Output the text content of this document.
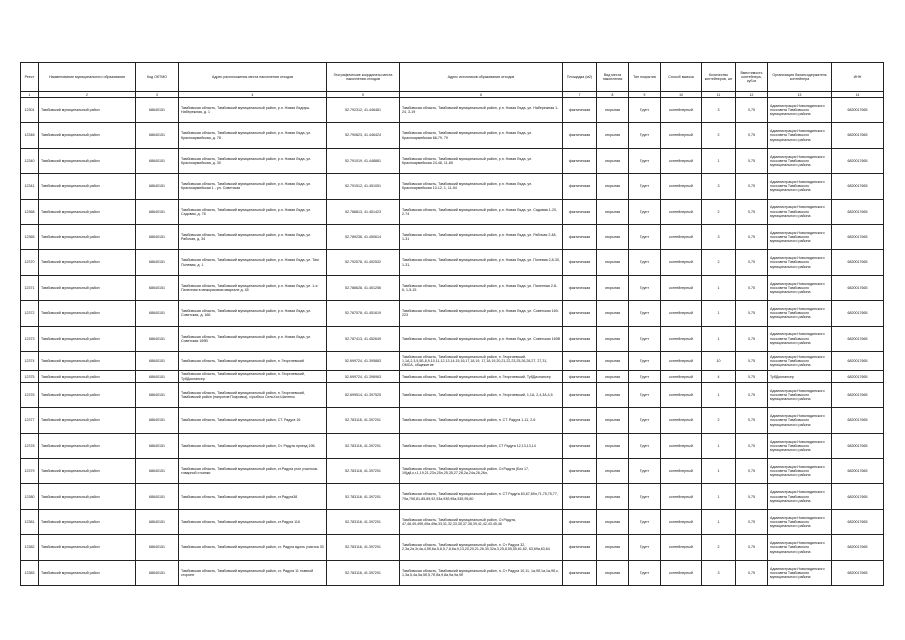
Реест	Наименование муниципального образования	Код ОКТМО	Адрес расположения места накопления отходов	Географические координаты места накопления отходов	Адрес источников образования отходов	Площадка (м2)	Вид места накопления	Тип покрытия	Способ вывоза	Количество контейнеров, шт	Вместимость контейнера, куб.м	Организация балансодержатель контейнера	ИНН
1	2	3	4	5	6	7	8	9	10	11	12	13	14
12301	Тамбовский муниципальный район	68640151	Тамбовская область, Тамбовский муниципальный район, р.п. Новая Лядоуш. Набережная, д. 1	52.792312, 41.446461	Тамбовская область, Тамбовский муниципальный район, р.п. Новая Ляда, ул. Набережная 1-24, 3-19	фактическая	открытая	Грунт	контейнерный	3	0,75	Администрация Новолядинского поссовета Тамбовского муниципального района	6820017665
12348	Тамбовский муниципальный район	68640151	Тамбовская область, Тамбовский муниципальный район, р.п. Новая Ляда, ул. Красноармейская, д. 78	52.790823, 41.446424	Тамбовская область, Тамбовский муниципальный район, р.п. Новая Ляда, ул. Красноармейская 66-79, 79	фактическая	открытая	Грунт	контейнерный	2	0,75	Администрация Новолядинского поссовета Тамбовского муниципального района	6820017665
12340	Тамбовский муниципальный район	68640151	Тамбовская область, Тамбовский муниципальный район, р.п. Новая Ляда, ул. Красноармейская, д. 30	52.791019, 41.448881	Тамбовская область, Тамбовский муниципальный район, р.п. Новая Ляда, ул. Красноармейская 24-48, 11-65	фактическая	открытая	Грунт	контейнерный	1	0,75	Администрация Новолядинского поссовета Тамбовского муниципального района	6820017665
12341	Тамбовский муниципальный район	68640151	Тамбовская область, Тамбовский муниципальный район, р.п. Новая Ляда, ул. Красноармейская 1 - ул. Советская	52.791512, 41.451051	Тамбовская область, Тамбовский муниципальный район, р.п. Новая Ляда, ул. Красноармейская 10-12, 1, 11-54	фактическая	открытая	Грунт	контейнерный	3	0,75	Администрация Новолядинского поссовета Тамбовского муниципального района	6820017665
12368	Тамбовский муниципальный район	68640151	Тамбовская область, Тамбовский муниципальный район, р.п. Новая Ляда, ул. Садовая, д. 78	52.788813, 41.451423	Тамбовская область, Тамбовский муниципальный район, р.п. Новая Ляда, ул. Садовая 1-20, 2-74	фактическая	открытая	Грунт	контейнерный	2	0,75	Администрация Новолядинского поссовета Тамбовского муниципального района	6820017665
12365	Тамбовский муниципальный район	68640151	Тамбовская область, Тамбовский муниципальный район, р.п. Новая Ляда, ул. Рабочая, д. 34	52.789236, 41.450614	Тамбовская область, Тамбовский муниципальный район, р.п. Новая Ляда, ул. Рабочая 2-48, 1-31	фактическая	открытая	Грунт	контейнерный	3	0,75	Администрация Новолядинского поссовета Тамбовского муниципального района	6820017665
12370	Тамбовский муниципальный район	68640151	Тамбовская область, Тамбовский муниципальный район, р.п. Новая Ляда, ул. Тим Полевая, д. 1	52.792578, 41.452532	Тамбовская область, Тамбовский муниципальный район, р.п. Новая Ляда, ул. Полевая 2,8-30, 1-31,	фактическая	открытая	Грунт	контейнерный	2	0,75	Администрация Новолядинского поссовета Тамбовского муниципального района	6820017665
12371	Тамбовский муниципальный район	68640151	Тамбовская область, Тамбовский муниципальный район, р.п. Новая Ляда, ул. 1-я Паленная в межкусковом квартале д. 45	52.786628, 41.451256	Тамбовская область, Тамбовский муниципальный район, р.п. Новая Ляда, ул. Паленная 2-8-6, 1-5-15	фактическая	открытая	Грунт	контейнерный	1	0,75	Администрация Новолядинского поссовета Тамбовского муниципального района	6820017665
12372	Тамбовский муниципальный район	68640151	Тамбовская область, Тамбовский муниципальный район, р.п. Новая Ляда, ул. Советская, д. 166	52.787578, 41.451619	Тамбовская область, Тамбовский муниципальный район, р.п. Новая Ляда, ул. Советская 169-223	фактическая	открытая	Грунт	контейнерный	1	0,75	Администрация Новолядинского поссовета Тамбовского муниципального района	6820017665
12373	Тамбовский муниципальный район	68640151	Тамбовская область, Тамбовский муниципальный район, р.п. Новая Ляда, ул. Советская 169В	52.787413, 41.452649	Тамбовская область, Тамбовский муниципальный район, р.п. Новая Ляда, ул. Советская 169В	фактическая	открытая	Грунт	контейнерный	1	0,75	Администрация Новолядинского поссовета Тамбовского муниципального района	6820017665
12374	Тамбовский муниципальный район	68640151	Тамбовская область, Тамбовский муниципальный район, п. Георгиевский	52.699724, 41.395883	Тамбовская область, Тамбовский муниципальный район, п. Георгиевский, 1,1А,2,3,5,5Б,8,9,10,11,12,13,14,15,16,17,18,19, 17,18,19,20,21,22,23,25,26,28,27, 27,31, ОМСА, общежитие	фактическая	открытая	Грунт	контейнерный	10	0,75	Администрация Новолядинского поссовета Тамбовского муниципального района	6820017665
12375	Тамбовский муниципальный район	68640151	Тамбовская область, Тамбовский муниципальный район, п. Георгиевский, ТубДиспансер	52.699724, 41.396963	Тамбовская область, Тамбовский муниципальный район, п. Георгиевский, ТубДиспансер	фактическая	открытая	Грунт	контейнерный	4	0,75	ТубДиспансер	6820017665
12376	Тамбовский муниципальный район	68640151	Тамбовская область, Тамбовский муниципальный район, п. Георгиевский, Тамбовский район (напротив Покровка), с/рыбхоз СельХоз Шантеко	52.699514, 41.397525	Тамбовская область, Тамбовский муниципальный район, п. Георгиевский, 1,1А, 2,4,3А,4,5	фактическая	открытая	Грунт	контейнерный	1	0,75	Администрация Новолядинского поссовета Тамбовского муниципального района	6820017665
12377	Тамбовский муниципальный район	68640151	Тамбовская область, Тамбовский муниципальный район, СТ. Радуга 16	52.783116, 41.397201	Тамбовская область, Тамбовский муниципальный район, п. СТ. Радуга 1-11, 2-6	фактическая	открытая	Грунт	контейнерный	2	0,75	Администрация Новолядинского поссовета Тамбовского муниципального района	6820017665
12378	Тамбовский муниципальный район	68640151	Тамбовская область, Тамбовский муниципальный район, Ст. Радуга проезд 19Б	52.783116, 41.397201	Тамбовская область, Тамбовский муниципальный район, СТ Радуга 12,13,13,14	фактическая	открытая	Грунт	контейнерный	1	0,75	Администрация Новолядинского поссовета Тамбовского муниципального района	6820017665
12379	Тамбовский муниципальный район	68640151	Тамбовская область, Тамбовский муниципальный район, ст.Радуга угол участков-товарной стоянки	52.783116, 41.397201	Тамбовская область, Тамбовский муниципальный район, Ст.Радуга (Без 17, 19)д8,к,г,1,19,21,23л,25л,25,35,27,28,2а,24а,26,26л,	фактическая	открытая	Грунт	контейнерный	1	0,75	Администрация Новолядинского поссовета Тамбовского муниципального района	6820017665
12380	Тамбовский муниципальный район	68640151	Тамбовская область, Тамбовский муниципальный район, ст.Радуга38	52.783116, 41.397201	Тамбовская область, Тамбовский муниципальный район, п. СТ Радуга 63,67,69л,71,75,75,77, 79а,79б,81-85,89,92,93а,93б,95а,93б,95,80	фактическая	открытая	Грунт	контейнерный	1	0,75	Администрация Новолядинского поссовета Тамбовского муниципального района	6820017665
12381	Тамбовский муниципальный район	68640151	Тамбовская область, Тамбовский муниципальный район, ст.Радуга 116	52.783116, 41.397201	Тамбовская область, Тамбовский муниципальный район, Ст.Радуга, 47,48,49,49б,49а,49в,33,31,32,33,35,37,38,39,41,42,43,45,46	фактическая	открытая	Грунт	контейнерный	1	0,75	Администрация Новолядинского поссовета Тамбовского муниципального района	6820017665
12382	Тамбовский муниципальный район	68640151	Тамбовская область, Тамбовский муниципальный район, ст. Радуга вдоль участка 30	52.783116, 41.397201	Тамбовская область, Тамбовский муниципальный район, п. Ст Радуга 32, 2,3а,2а,3г,4а,4,5б,6а,5,8,5,7,8,6а,9,13,20,20,21,26,30,32а,3,25,8,55,55,61,62, 63,69а,63,64	фактическая	открытая	Грунт	контейнерный	2	0,75	Администрация Новолядинского поссовета Тамбовского муниципального района	6820017665
12383	Тамбовский муниципальный район	68640151	Тамбовская область, Тамбовский муниципальный район, ст. Радуга 11 главной стороне	52.783116, 41.397201	Тамбовская область, Тамбовский муниципальный район, п. Ст Радуга 10,11, 1а,9б,1а,1а,9б,с, 1,3а,5,4а,5а,5б,5,7б,ба,9,8а,9а,9а,9б	фактическая	открытая	Грунт	контейнерный	3	0,75	Администрация Новолядинского поссовета Тамбовского муниципального района	6820017665
